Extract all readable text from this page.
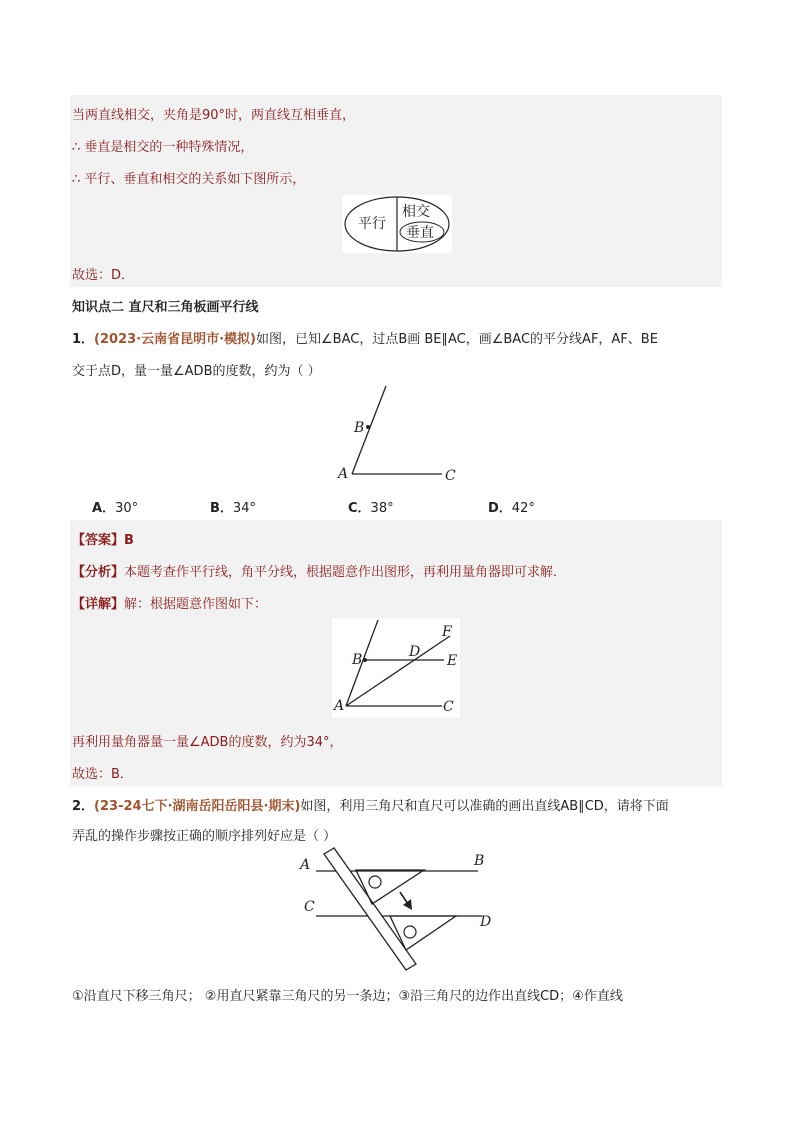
当两直线相交，夹角是90°时，两直线互相垂直，
∴ 垂直是相交的一种特殊情况，
∴ 平行、垂直和相交的关系如下图所示，
平行
相交
垂直
故选：D．
知识点二 直尺和三角板画平行线
1．(2023·云南省昆明市·模拟)如图，已知∠BAC，过点B画 BE∥AC，画∠BAC的平分线AF，AF、BE
交于点D，量一量∠ADB的度数，约为（ ）
B
A	C
A．30°	B．34°	C．38°	D．42°
【答案】B
【分析】本题考查作平行线，角平分线，根据题意作出图形，再利用量角器即可求解．
【详解】解：根据题意作图如下：
F
B	D
E
A	C
再利用量角器量一量∠ADB的度数，约为34°，
故选：B．
2．(23-24七下·湖南岳阳岳阳县·期末)如图，利用三角尺和直尺可以准确的画出直线AB∥CD，请将下面
弄乱的操作步骤按正确的顺序排列好应是（ ）
A	B
C
D
①沿直尺下移三角尺； ②用直尺紧靠三角尺的另一条边；③沿三角尺的边作出直线CD；④作直线
